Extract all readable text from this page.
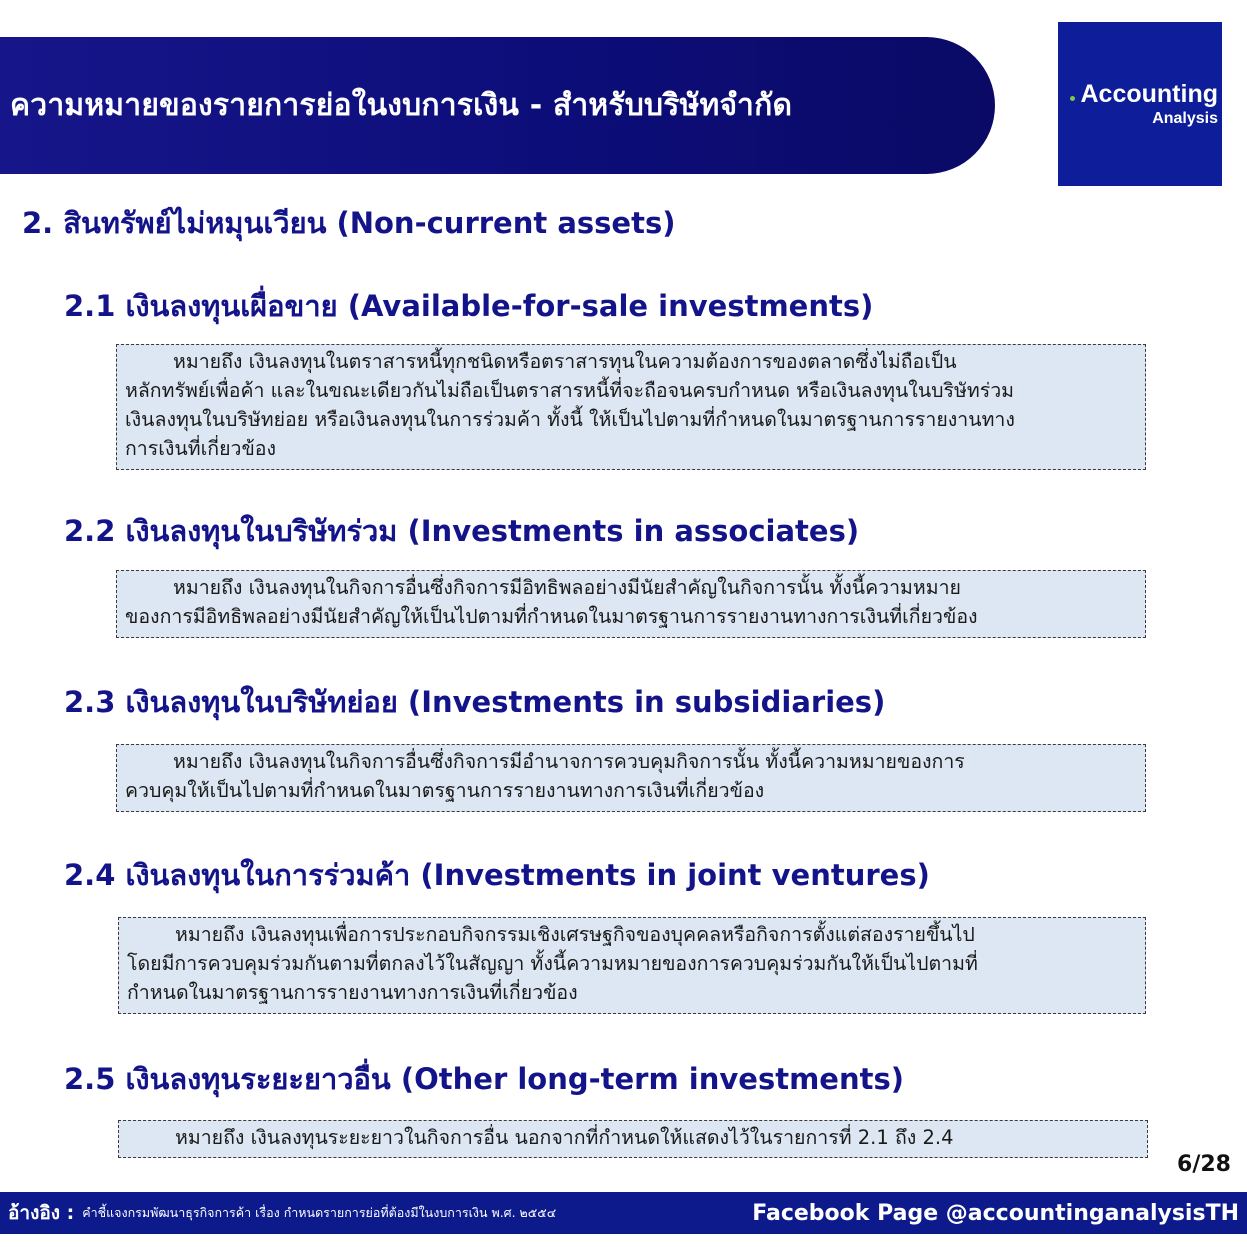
ความหมายของรายการย่อในงบการเงิน - สำหรับบริษัทจำกัด	Accounting
Analysis
2. สินทรัพย์ไม่หมุนเวียน (Non-current assets)
2.1 เงินลงทุนเผื่อขาย (Available-for-sale investments)
หมายถึง เงินลงทุนในตราสารหนี้ทุกชนิดหรือตราสารทุนในความต้องการของตลาดซึ่งไม่ถือเป็น
หลักทรัพย์เพื่อค้า และในขณะเดียวกันไม่ถือเป็นตราสารหนี้ที่จะถือจนครบกำหนด หรือเงินลงทุนในบริษัทร่วม
เงินลงทุนในบริษัทย่อย หรือเงินลงทุนในการร่วมค้า ทั้งนี้ ให้เป็นไปตามที่กำหนดในมาตรฐานการรายงานทาง
การเงินที่เกี่ยวข้อง
2.2 เงินลงทุนในบริษัทร่วม (Investments in associates)
หมายถึง เงินลงทุนในกิจการอื่นซึ่งกิจการมีอิทธิพลอย่างมีนัยสำคัญในกิจการนั้น ทั้งนี้ความหมาย
ของการมีอิทธิพลอย่างมีนัยสำคัญให้เป็นไปตามที่กำหนดในมาตรฐานการรายงานทางการเงินที่เกี่ยวข้อง
2.3 เงินลงทุนในบริษัทย่อย (Investments in subsidiaries)
หมายถึง เงินลงทุนในกิจการอื่นซึ่งกิจการมีอำนาจการควบคุมกิจการนั้น ทั้งนี้ความหมายของการ
ควบคุมให้เป็นไปตามที่กำหนดในมาตรฐานการรายงานทางการเงินที่เกี่ยวข้อง
2.4 เงินลงทุนในการร่วมค้า (Investments in joint ventures)
หมายถึง เงินลงทุนเพื่อการประกอบกิจกรรมเชิงเศรษฐกิจของบุคคลหรือกิจการตั้งแต่สองรายขึ้นไป
โดยมีการควบคุมร่วมกันตามที่ตกลงไว้ในสัญญา ทั้งนี้ความหมายของการควบคุมร่วมกันให้เป็นไปตามที่
กำหนดในมาตรฐานการรายงานทางการเงินที่เกี่ยวข้อง
2.5 เงินลงทุนระยะยาวอื่น (Other long-term investments)
หมายถึง เงินลงทุนระยะยาวในกิจการอื่น นอกจากที่กำหนดให้แสดงไว้ในรายการที่ 2.1 ถึง 2.4
6/28
อ้างอิง : คำชี้แจงกรมพัฒนาธุรกิจการค้า เรื่อง กำหนดรายการย่อที่ต้องมีในงบการเงิน พ.ศ. ๒๕๕๔	Facebook Page @accountinganalysisTH
